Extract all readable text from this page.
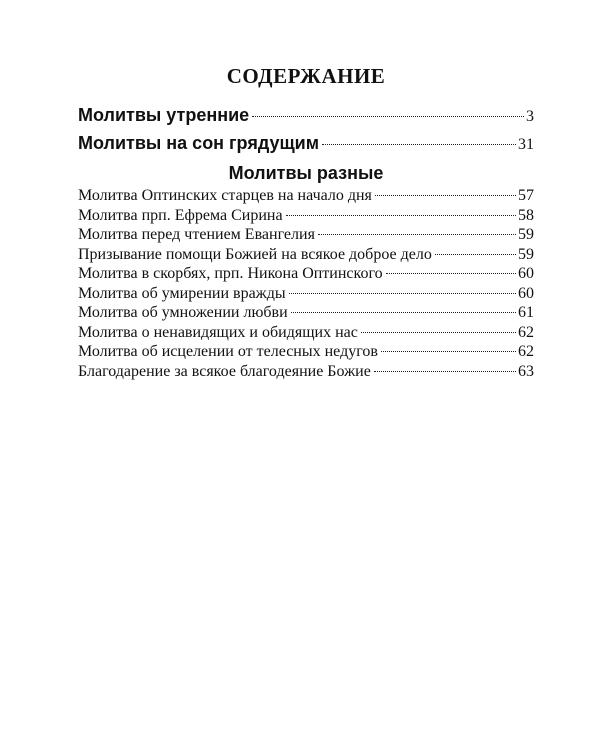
СОДЕРЖАНИЕ
Молитвы утренние	3
Молитвы на сон грядущим	31
Молитвы разные
Молитва Оптинских старцев на начало дня	57
Молитва прп. Ефрема Сирина	58
Молитва перед чтением Евангелия	59
Призывание помощи Божией на всякое доброе дело	59
Молитва в скорбях, прп. Никона Оптинского	60
Молитва об умирении вражды	60
Молитва об умножении любви	61
Молитва о ненавидящих и обидящих нас	62
Молитва об исцелении от телесных недугов	62
Благодарение за всякое благодеяние Божие	63
